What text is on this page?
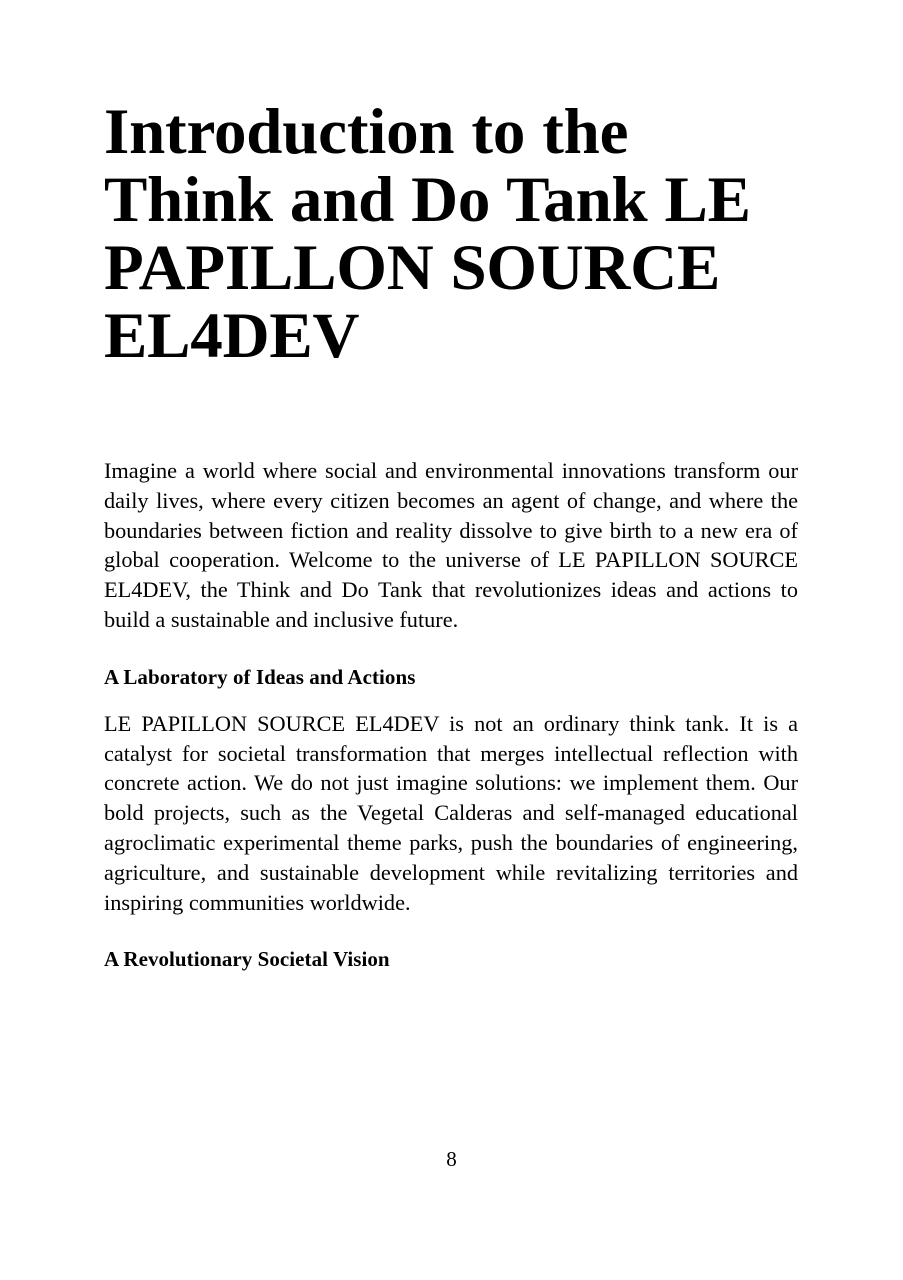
Introduction to the Think and Do Tank LE PAPILLON SOURCE EL4DEV

Imagine a world where social and environmental innovations transform our daily lives, where every citizen becomes an agent of change, and where the boundaries between fiction and reality dissolve to give birth to a new era of global cooperation. Welcome to the universe of LE PAPILLON SOURCE EL4DEV, the Think and Do Tank that revolutionizes ideas and actions to build a sustainable and inclusive future.

A Laboratory of Ideas and Actions

LE PAPILLON SOURCE EL4DEV is not an ordinary think tank. It is a catalyst for societal transformation that merges intellectual reflection with concrete action. We do not just imagine solutions: we implement them. Our bold projects, such as the Vegetal Calderas and self-managed educational agroclimatic experimental theme parks, push the boundaries of engineering, agriculture, and sustainable development while revitalizing territories and inspiring communities worldwide.

A Revolutionary Societal Vision
8
